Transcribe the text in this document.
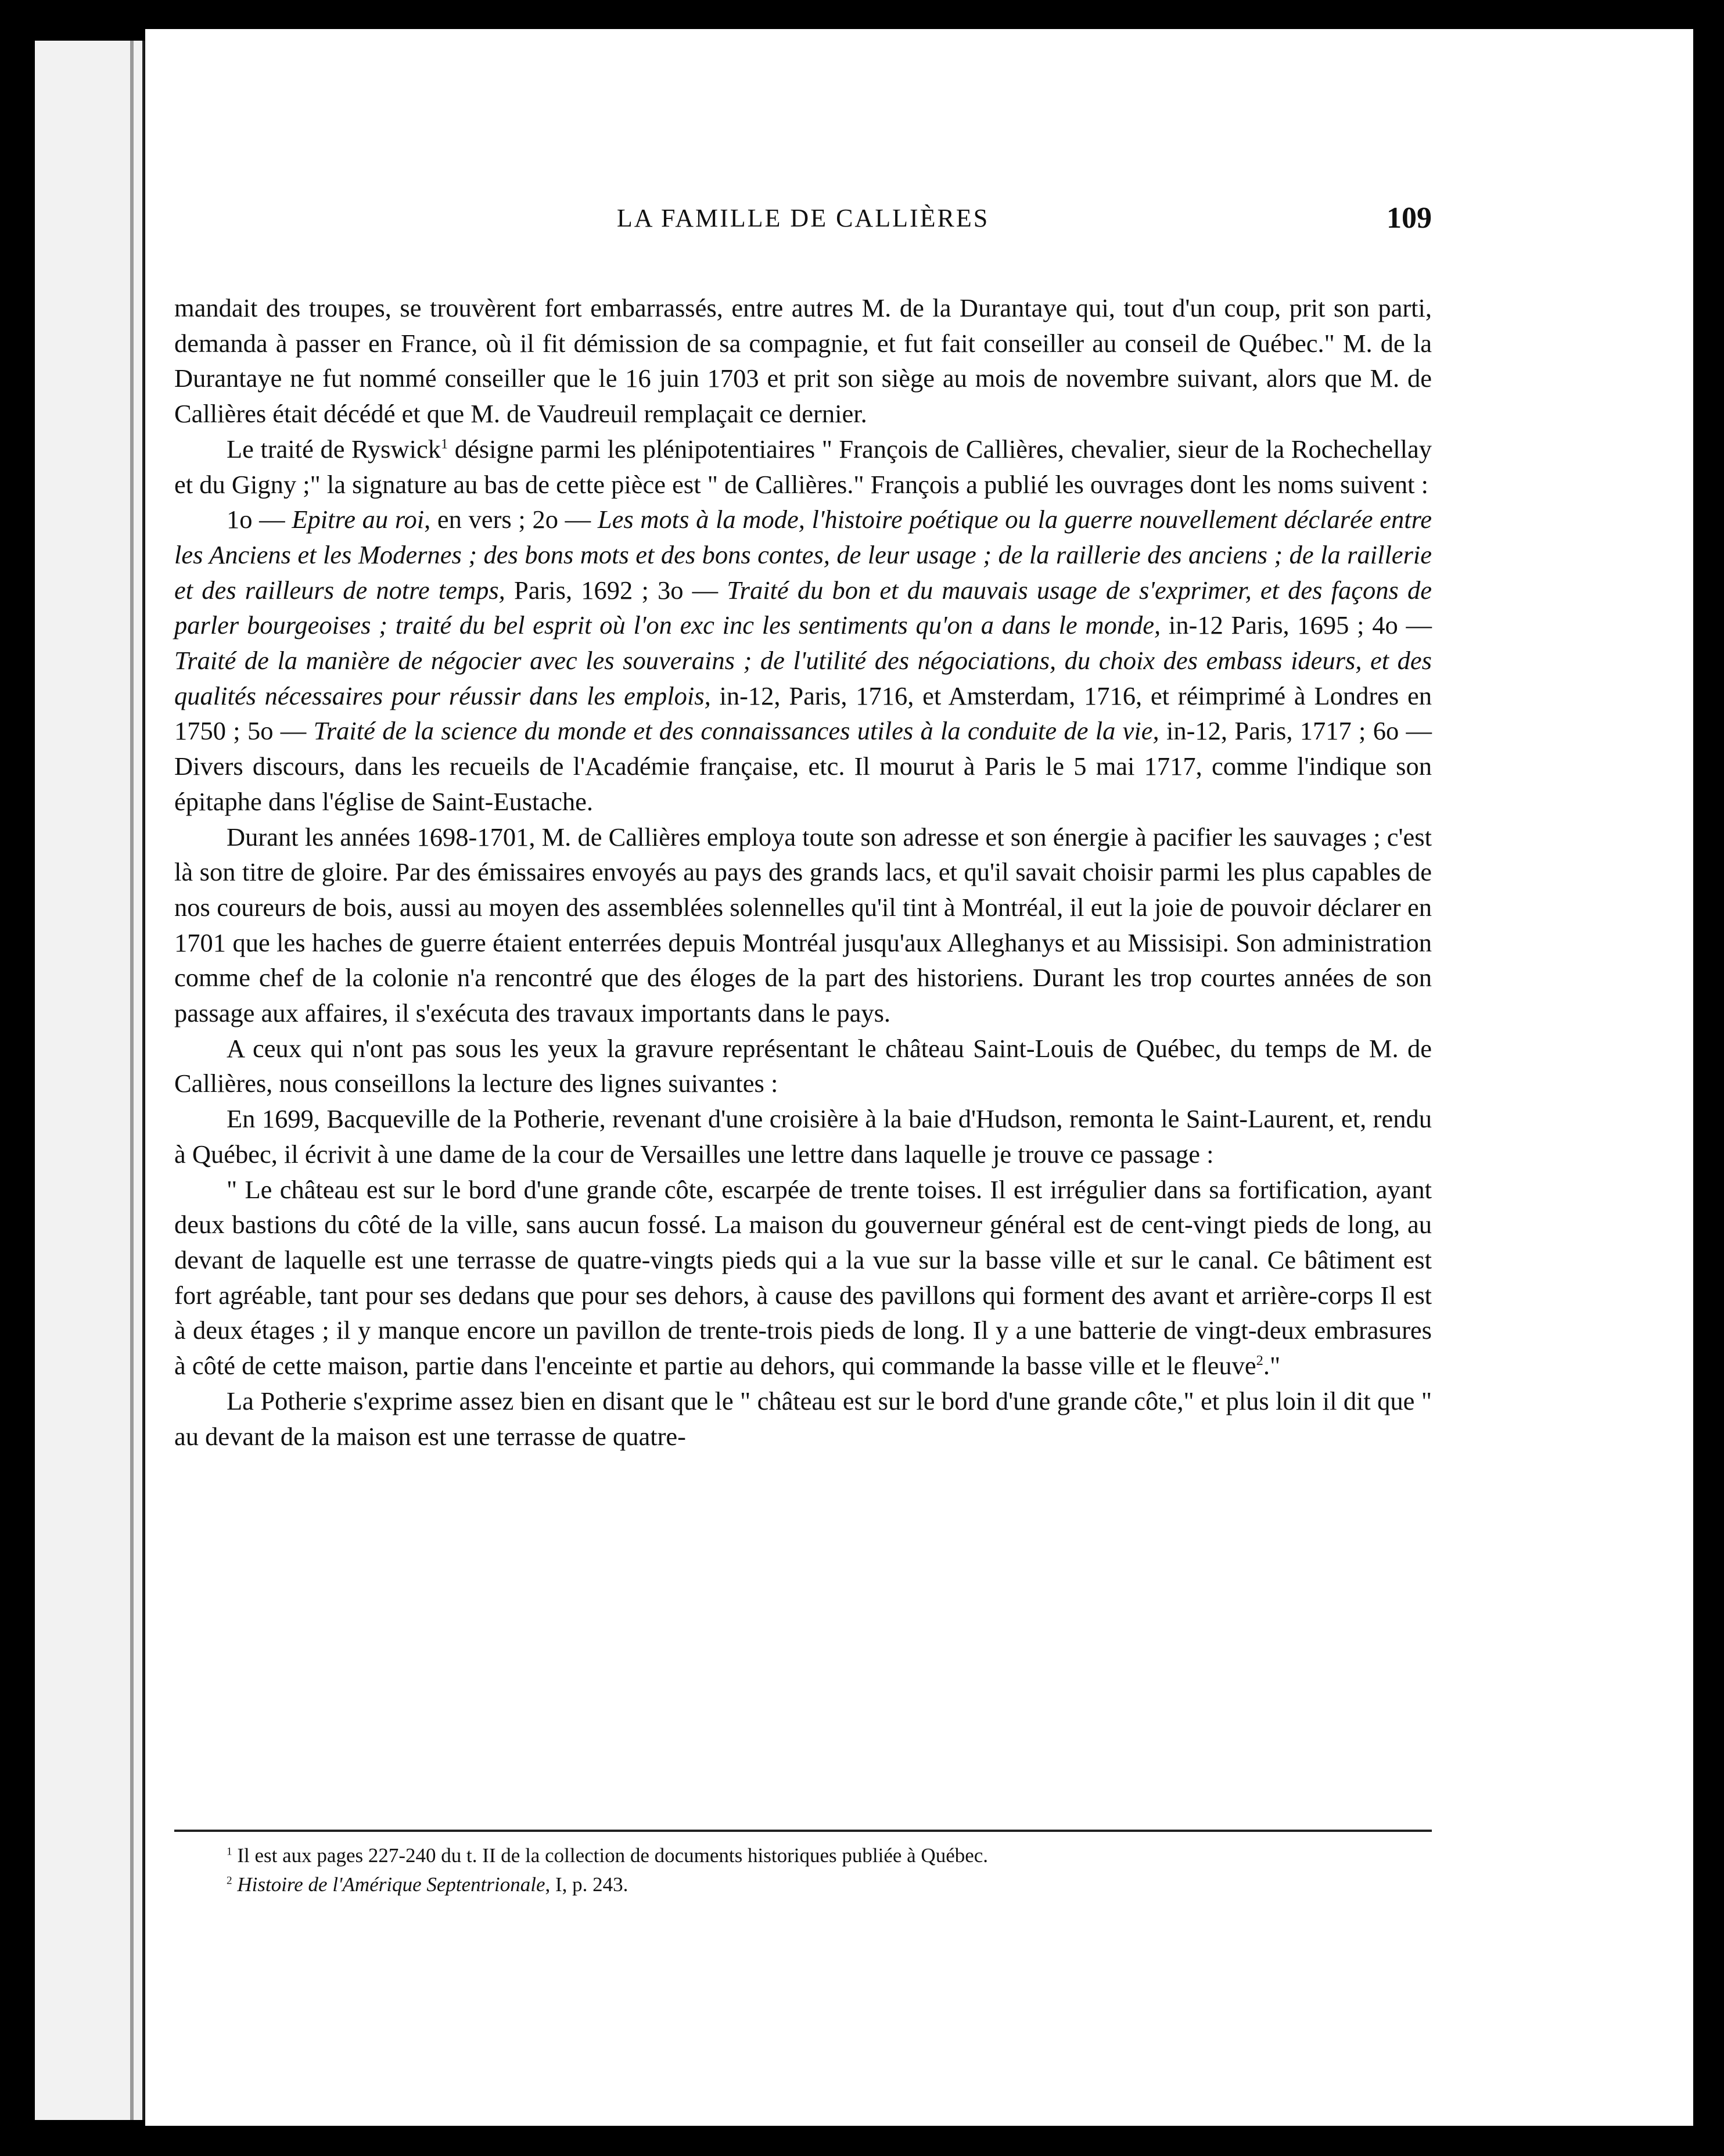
LA FAMILLE DE CALLIÈRES	109

mandait des troupes, se trouvèrent fort embarrassés, entre autres M. de la Durantaye qui, tout d'un coup, prit son parti, demanda à passer en France, où il fit démission de sa compagnie, et fut fait conseiller au conseil de Québec." M. de la Durantaye ne fut nommé conseiller que le 16 juin 1703 et prit son siège au mois de novembre suivant, alors que M. de Callières était décédé et que M. de Vaudreuil remplaçait ce dernier.

Le traité de Ryswick$^1$ désigne parmi les plénipotentiaires " François de Callières, chevalier, sieur de la Rochechellay et du Gigny ;" la signature au bas de cette pièce est " de Callières." François a publié les ouvrages dont les noms suivent :

1o — Epitre au roi, en vers ; 2o — Les mots à la mode, l'histoire poétique ou la guerre nouvellement déclarée entre les Anciens et les Modernes ; des bons mots et des bons contes, de leur usage ; de la raillerie des anciens ; de la raillerie et des railleurs de notre temps, Paris, 1692 ; 3o — Traité du bon et du mauvais usage de s'exprimer, et des façons de parler bourgeoises ; traité du bel esprit où l'on exc inc les sentiments qu'on a dans le monde, in-12 Paris, 1695 ; 4o — Traité de la manière de négocier avec les souverains ; de l'utilité des négociations, du choix des embass ideurs, et des qualités nécessaires pour réussir dans les emplois, in-12, Paris, 1716, et Amsterdam, 1716, et réimprimé à Londres en 1750 ; 5o — Traité de la science du monde et des connaissances utiles à la conduite de la vie, in-12, Paris, 1717 ; 6o — Divers discours, dans les recueils de l'Académie française, etc. Il mourut à Paris le 5 mai 1717, comme l'indique son épitaphe dans l'église de Saint-Eustache.

Durant les années 1698-1701, M. de Callières employa toute son adresse et son énergie à pacifier les sauvages ; c'est là son titre de gloire. Par des émissaires envoyés au pays des grands lacs, et qu'il savait choisir parmi les plus capables de nos coureurs de bois, aussi au moyen des assemblées solennelles qu'il tint à Montréal, il eut la joie de pouvoir déclarer en 1701 que les haches de guerre étaient enterrées depuis Montréal jusqu'aux Alleghanys et au Missisipi. Son administration comme chef de la colonie n'a rencontré que des éloges de la part des historiens. Durant les trop courtes années de son passage aux affaires, il s'exécuta des travaux importants dans le pays.

A ceux qui n'ont pas sous les yeux la gravure représentant le château Saint-Louis de Québec, du temps de M. de Callières, nous conseillons la lecture des lignes suivantes :

En 1699, Bacqueville de la Potherie, revenant d'une croisière à la baie d'Hudson, remonta le Saint-Laurent, et, rendu à Québec, il écrivit à une dame de la cour de Versailles une lettre dans laquelle je trouve ce passage :

" Le château est sur le bord d'une grande côte, escarpée de trente toises. Il est irrégulier dans sa fortification, ayant deux bastions du côté de la ville, sans aucun fossé. La maison du gouverneur général est de cent-vingt pieds de long, au devant de laquelle est une terrasse de quatre-vingts pieds qui a la vue sur la basse ville et sur le canal. Ce bâtiment est fort agréable, tant pour ses dedans que pour ses dehors, à cause des pavillons qui forment des avant et arrière-corps Il est à deux étages ; il y manque encore un pavillon de trente-trois pieds de long. Il y a une batterie de vingt-deux embrasures à côté de cette maison, partie dans l'enceinte et partie au dehors, qui commande la basse ville et le fleuve$^2$."

La Potherie s'exprime assez bien en disant que le " château est sur le bord d'une grande côte," et plus loin il dit que " au devant de la maison est une terrasse de quatre-

$^1$ Il est aux pages 227-240 du t. II de la collection de documents historiques publiée à Québec.

$^2$ Histoire de l'Amérique Septentrionale, I, p. 243.
